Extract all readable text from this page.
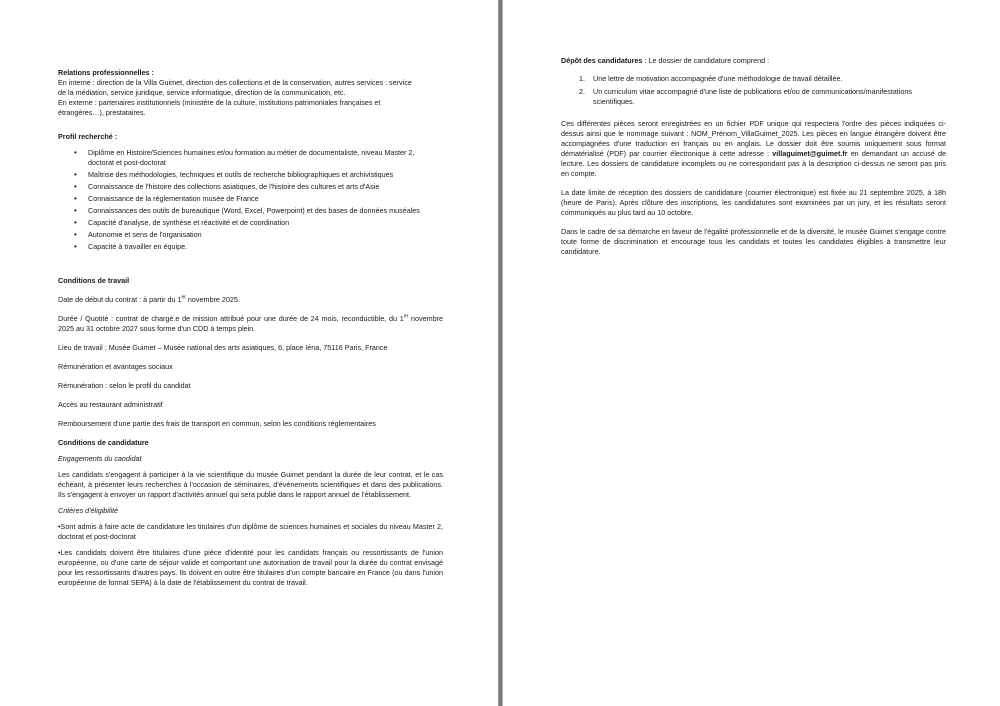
Relations professionnelles :

En interne : direction de la Villa Guimet, direction des collections et de la conservation, autres services : service

de la médiation, service juridique, service informatique, direction de la communication, etc.

En externe : partenaires institutionnels (ministère de la culture, institutions patrimoniales françaises et

étrangères…), prestataires.

Profil recherché :

• Diplôme en Histoire/Sciences humaines et/ou formation au métier de documentaliste, niveau Master 2, doctorat et post-doctorat
• Maîtrise des méthodologies, techniques et outils de recherche bibliographiques et archivistiques
• Connaissance de l'histoire des collections asiatiques, de l'histoire des cultures et arts d'Asie
• Connaissance de la réglementation musée de France
• Connaissances des outils de bureautique (Word, Excel, Powerpoint) et des bases de données muséales
• Capacité d'analyse, de synthèse et réactivité et de coordination
• Autonomie et sens de l'organisation
• Capacité à travailler en équipe.

Conditions de travail

Date de début du contrat : à partir du 1er novembre 2025.

Durée / Quotité : contrat de chargé.e de mission attribué pour une durée de 24 mois, reconductible, du 1er novembre 2025 au 31 octobre 2027 sous forme d'un CDD à temps plein.

Lieu de travail : Musée Guimet – Musée national des arts asiatiques, 6, place Iéna, 75116 Paris, France

Rémunération et avantages sociaux

Rémunération : selon le profil du candidat

Accès au restaurant administratif

Remboursement d'une partie des frais de transport en commun, selon les conditions réglementaires

Conditions de candidature

Engagements du candidat

Les candidats s'engagent à participer à la vie scientifique du musée Guimet pendant la durée de leur contrat, et le cas échéant, à présenter leurs recherches à l'occasion de séminaires, d'événements scientifiques et dans des publications. Ils s'engagent à envoyer un rapport d'activités annuel qui sera publié dans le rapport annuel de l'établissement.

Critères d'éligibilité

•Sont admis à faire acte de candidature les titulaires d'un diplôme de sciences humaines et sociales du niveau Master 2, doctorat et post-doctorat

•Les candidats doivent être titulaires d'une pièce d'identité pour les candidats français ou ressortissants de l'union européenne, ou d'une carte de séjour valide et comportant une autorisation de travail pour la durée du contrat envisagé pour les ressortissants d'autres pays. Ils doivent en outre être titulaires d'un compte bancaire en France (ou dans l'union européenne de format SEPA) à la date de l'établissement du contrat de travail.

Dépôt des candidatures : Le dossier de candidature comprend :

1. Une lettre de motivation accompagnée d'une méthodologie de travail détaillée.
2. Un curriculum vitae accompagné d'une liste de publications et/ou de communications/manifestations scientifiques.

Ces différentes pièces seront enregistrées en un fichier PDF unique qui respectera l'ordre des pièces indiquées ci-dessus ainsi que le nommage suivant : NOM_Prénom_VillaGuimet_2025. Les pièces en langue étrangère doivent être accompagnées d'une traduction en français ou en anglais. Le dossier doit être soumis uniquement sous format dématérialisé (PDF) par courrier électronique à cette adresse : villaguimet@guimet.fr en demandant un accusé de lecture. Les dossiers de candidature incomplets ou ne correspondant pas à la description ci-dessus ne seront pas pris en compte.

La date limite de réception des dossiers de candidature (courrier électronique) est fixée au 21 septembre 2025, à 18h (heure de Paris). Après clôture des inscriptions, les candidatures sont examinées par un jury, et les résultats seront communiqués au plus tard au 10 octobre.

Dans le cadre de sa démarche en faveur de l'égalité professionnelle et de la diversité, le musée Guimet s'engage contre toute forme de discrimination et encourage tous les candidats et toutes les candidates éligibles à transmettre leur candidature.
